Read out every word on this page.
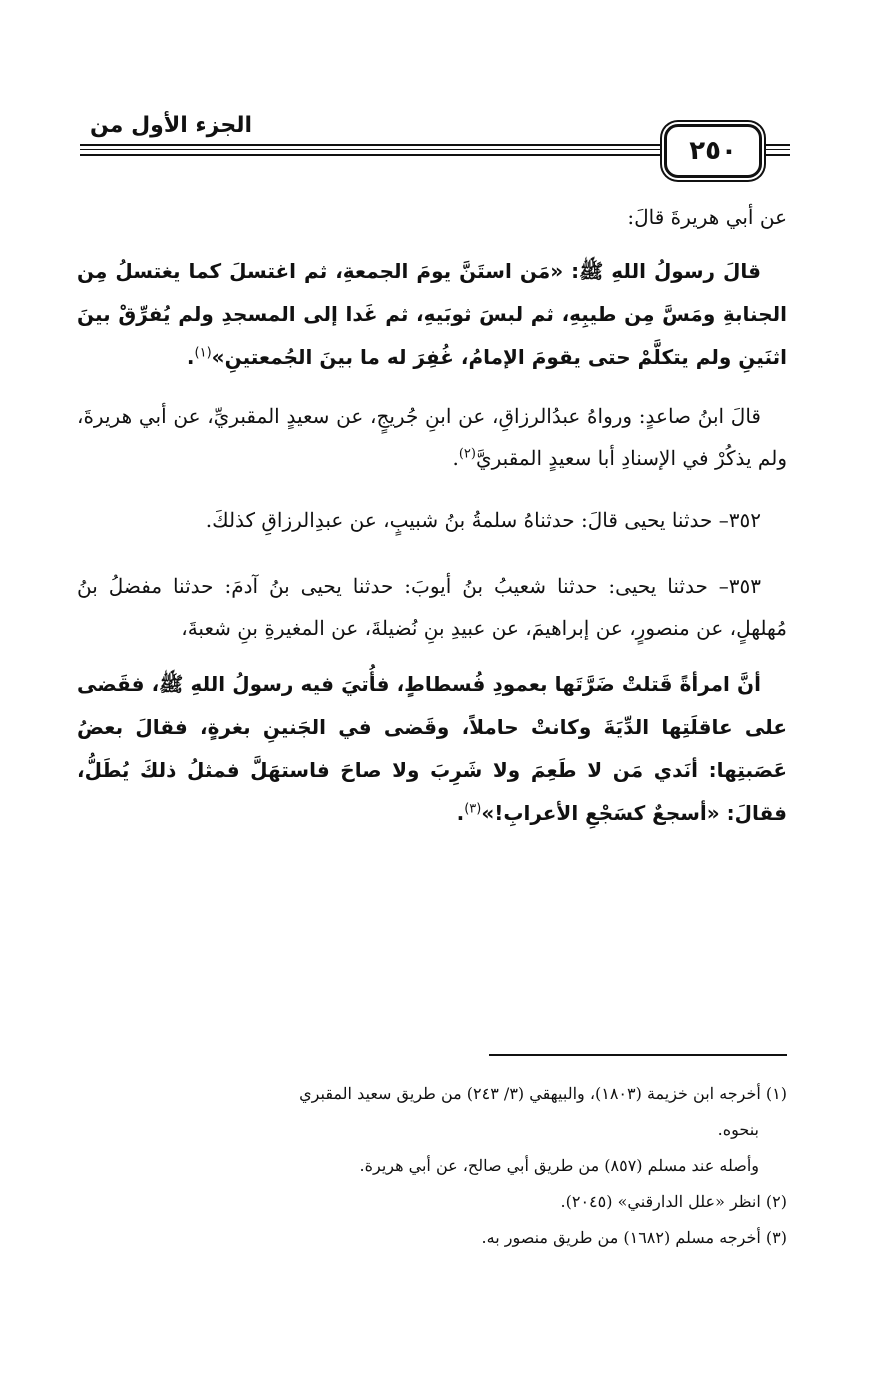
٢٥٠
الجزء الأول من

عن أبي هريرةَ قالَ:

قالَ رسولُ اللهِ ﷺ: «مَن استَنَّ يومَ الجمعةِ، ثم اغتسلَ كما يغتسلُ مِن الجنابةِ ومَسَّ مِن طيبِهِ، ثم لبسَ ثوبَيهِ، ثم غَدا إلى المسجدِ ولم يُفرِّقْ بينَ اثنَينِ ولم يتكلَّمْ حتى يقومَ الإمامُ، غُفِرَ له ما بينَ الجُمعتينِ»$^{(١)}$.

قالَ ابنُ صاعدٍ: ورواهُ عبدُالرزاقِ، عن ابنِ جُريجٍ، عن سعيدٍ المقبريِّ، عن أبي هريرةَ، ولم يذكُرْ في الإسنادِ أبا سعيدٍ المقبريَّ$^{(٢)}$.

٣٥٢– حدثنا يحيى قالَ: حدثناهُ سلمةُ بنُ شبيبٍ، عن عبدِالرزاقِ كذلكَ.

٣٥٣– حدثنا يحيى: حدثنا شعيبُ بنُ أيوبَ: حدثنا يحيى بنُ آدمَ: حدثنا مفضلُ بنُ مُهلهلٍ، عن منصورٍ، عن إبراهيمَ، عن عبيدِ بنِ نُضيلةَ، عن المغيرةِ بنِ شعبةَ،

أنَّ امرأةً قَتلتْ ضَرَّتَها بعمودِ فُسطاطٍ، فأُتيَ فيه رسولُ اللهِ ﷺ، فقَضى على عاقلَتِها الدِّيَةَ وكانتْ حاملاً، وقَضى في الجَنينِ بغرةٍ، فقالَ بعضُ عَصَبتِها: أنَدي مَن لا طَعِمَ ولا شَرِبَ ولا صاحَ فاستهَلَّ فمثلُ ذلكَ يُطَلُّ، فقالَ: «أسجعٌ كسَجْعِ الأعرابِ!»$^{(٣)}$.

(١) أخرجه ابن خزيمة (١٨٠٣)، والبيهقي (٣/ ٢٤٣) من طريق سعيد المقبري

بنحوه.

وأصله عند مسلم (٨٥٧) من طريق أبي صالح، عن أبي هريرة.

(٢) انظر «علل الدارقني» (٢٠٤٥).

(٣) أخرجه مسلم (١٦٨٢) من طريق منصور به.
